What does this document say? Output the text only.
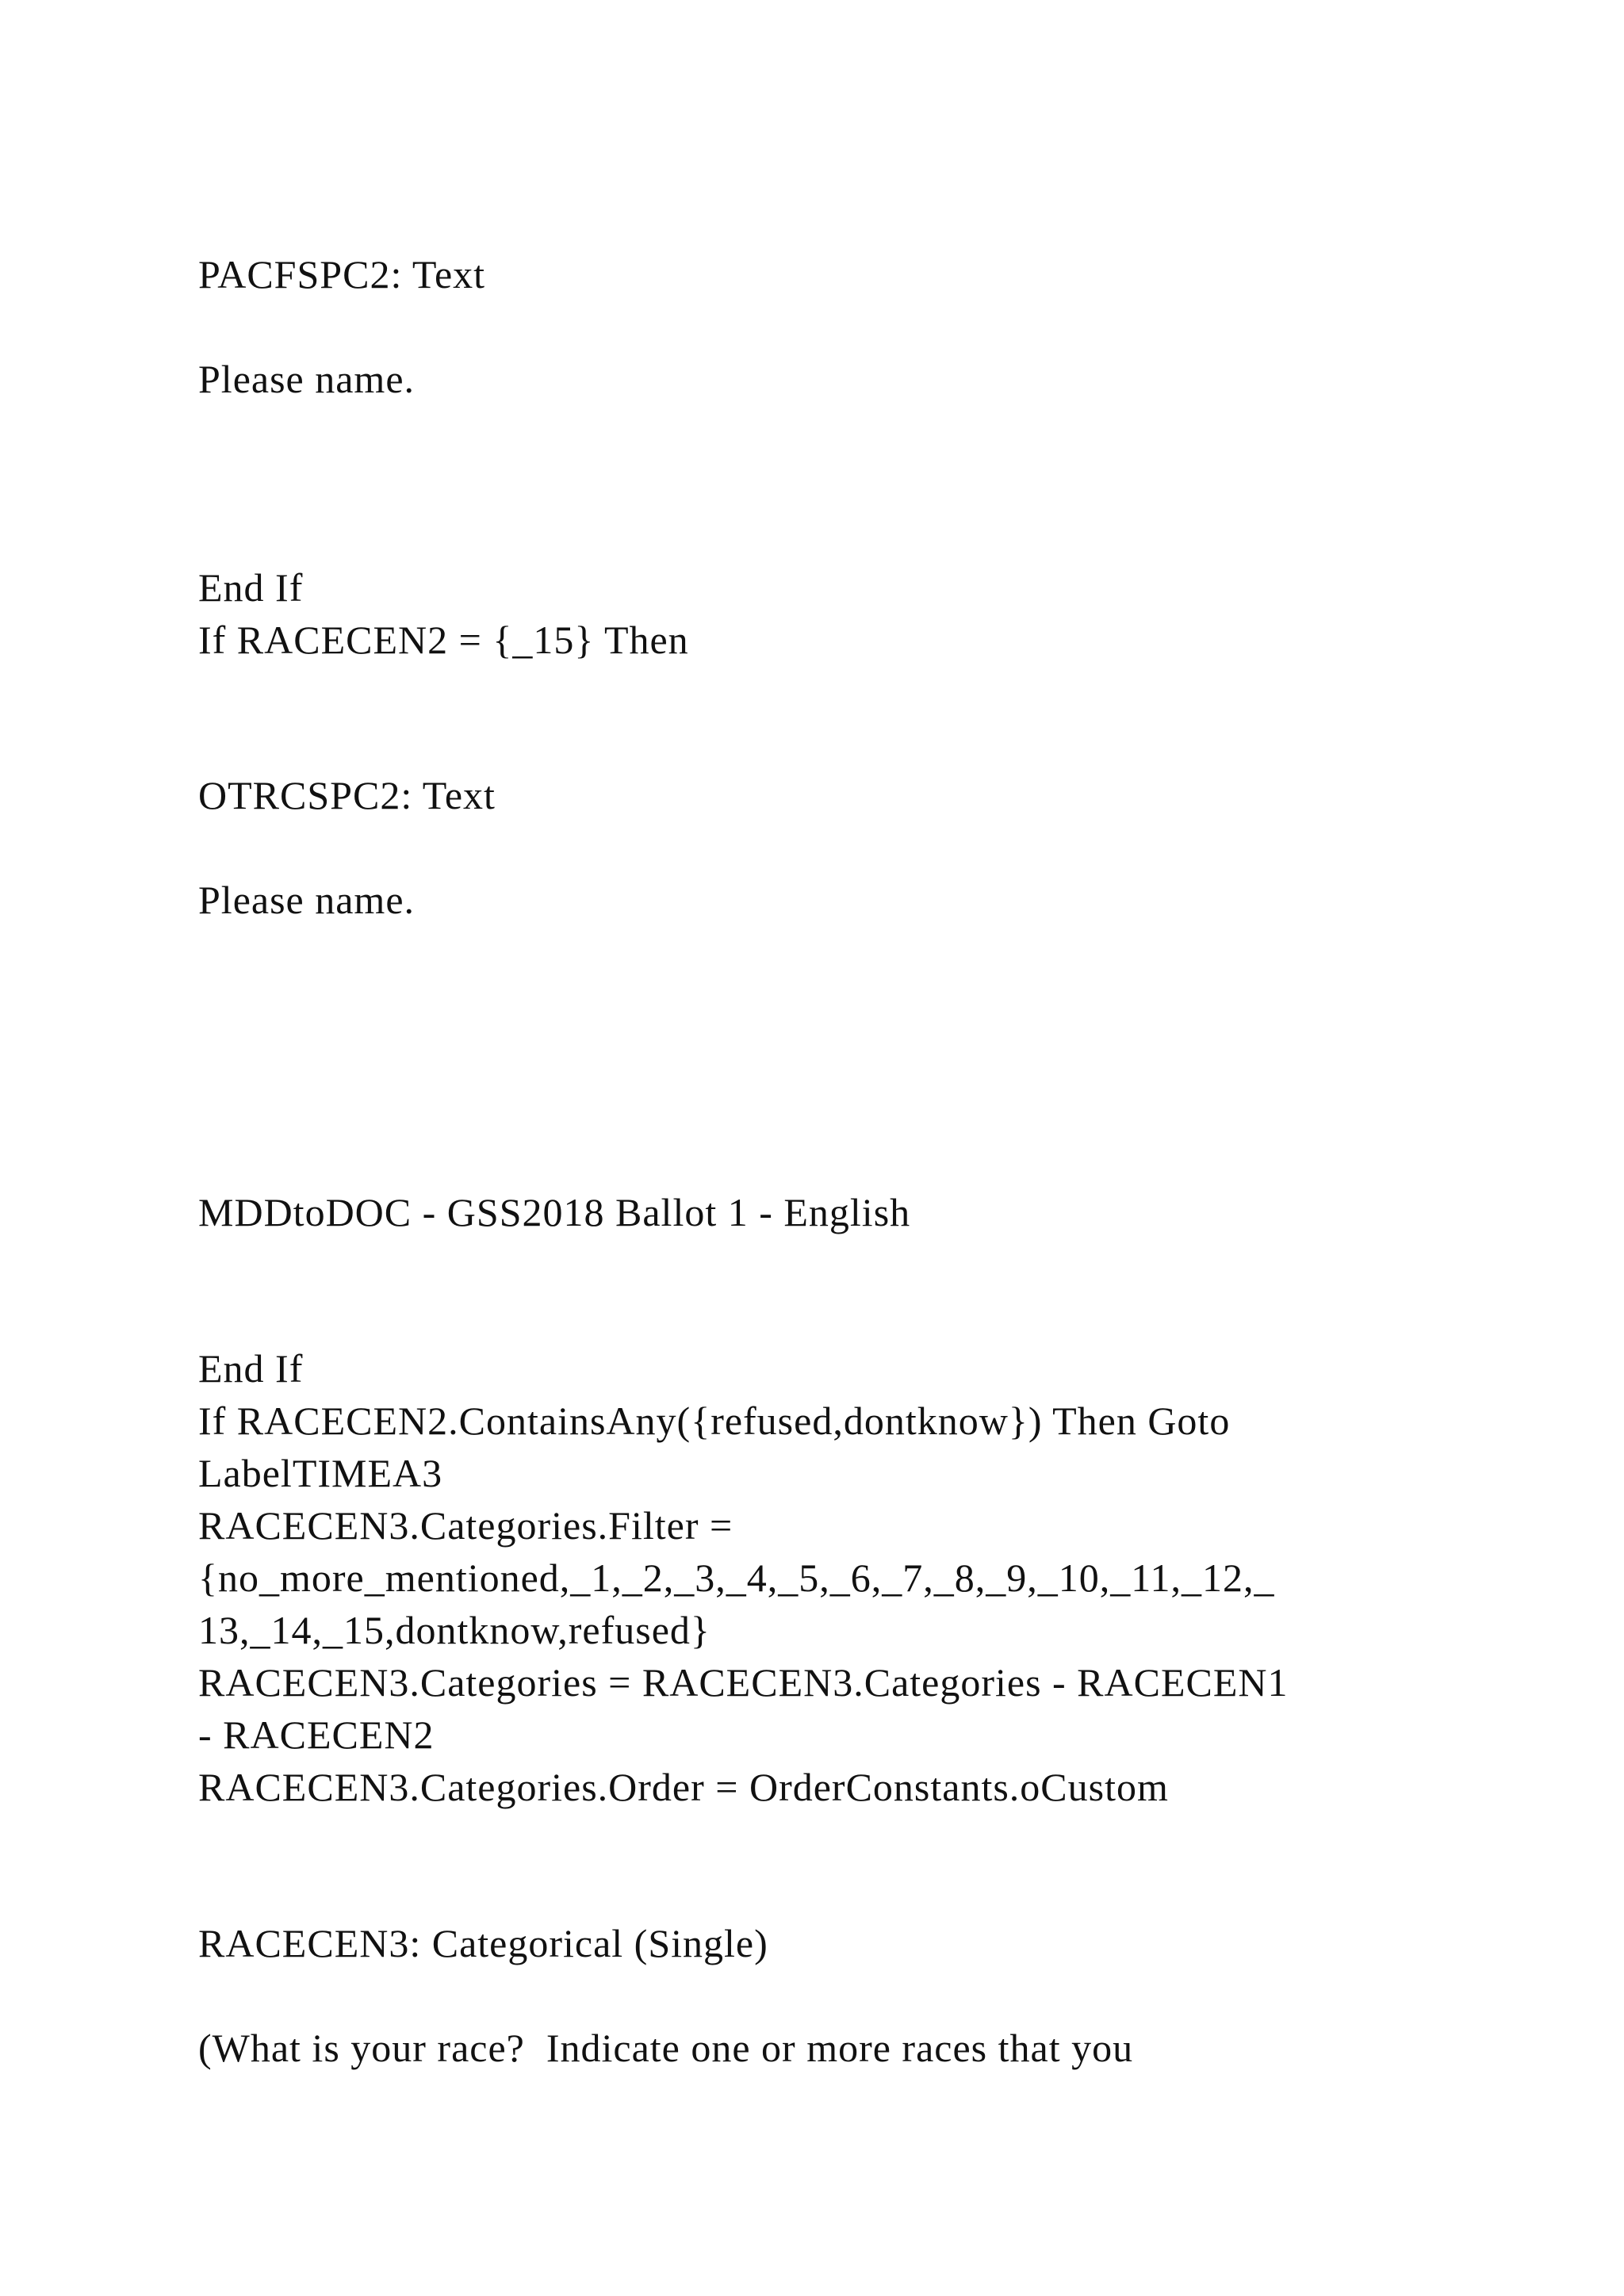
PACFSPC2: Text

Please name.

End If

If RACECEN2 = {_15} Then

OTRCSPC2: Text

Please name.

MDDtoDOC - GSS2018 Ballot 1 - English

End If

If RACECEN2.ContainsAny({refused,dontknow}) Then Goto

LabelTIMEA3

RACECEN3.Categories.Filter =

{no_more_mentioned,_1,_2,_3,_4,_5,_6,_7,_8,_9,_10,_11,_12,_

13,_14,_15,dontknow,refused}

RACECEN3.Categories = RACECEN3.Categories - RACECEN1

- RACECEN2

RACECEN3.Categories.Order = OrderConstants.oCustom

RACECEN3: Categorical (Single)

(What is your race?  Indicate one or more races that you
